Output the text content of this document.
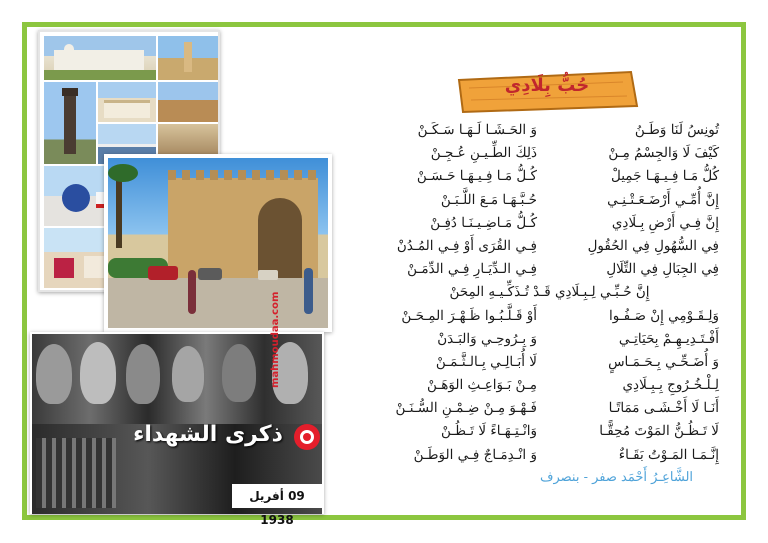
ذكرى الشهداء
09 أفريل 1938
mahmoudaa.com
حُبُّ بِلَادِي
تُونِسُ لَنَا وَطَـنُ
وَ الحَـشَـا لَـهَـا سَـكَـنْ
كَيْفَ لَا وَالجِسْمُ مِـنْ
ذَلِكَ الطِّـيـنِ عُـجِـنْ
كُلُّ مَـا فِـيـهَـا جَمِيلْ
كُـلُّ مَـا فِـيـهَـا حَـسَـنْ
إِنَّ أُمِّـي أَرْضَـعَـتْـنِـي
حُـبَّـهَـا مَـعَ اللَّـبَـنْ
إِنَّ فِـي أَرْضِ بِـلَادِي
كُـلُّ مَـاضِـيـنَـا دُفِـنْ
فِي السُّهُولِ فِي الحُقُولِ
فِـي القُرَى أَوْ فِـي المُـدُنْ
فِي الجِبَالِ فِي التِّلَالِ
فِـي الـدِّيَـارِ فِـي الدِّمَـنْ
إِنَّ حُـبِّـي لِـبِـلَادِي قَـدْ تُـذَكِّـيـهِ المِحَنْ
وَلِـقَـوْمِي إِنْ صَـفُـوا
أَوْ قَـلَّـبُـوا ظَـهْـرَ المِـحَـنْ
أَفْـتَـدِيـهِـمْ بِحَيَاتِـي
وَ بِـرُوحِـي وَالبَـدَنْ
وَ أُضَـحِّـي بِـحَـمَـاسٍ
لَا أُبَـالِـي بِـالـثَّـمَـنْ
لِـلْـخُـرُوجِ بِـبِـلَادِي
مِـنْ بَـوَاعِـثِ الوَهَـنْ
أَنَـا لَا أَخْـشَـى مَمَاتًـا
فَـهْـوَ مِـنْ ضِـمْـنِ السُّـنَـنْ
لَا تَـظُـنُّ المَوْتَ مُحِقًّـا
وَانْـتِـهَـاءً لَا تَـظُـنْ
إِنَّـمَـا المَـوْتُ بَقَـاءٌ
وَ انْـدِمَـاجٌ فِـي الوَطَـنْ
الشَّاعِـرُ أَحْمَد صفر - بنصرف
